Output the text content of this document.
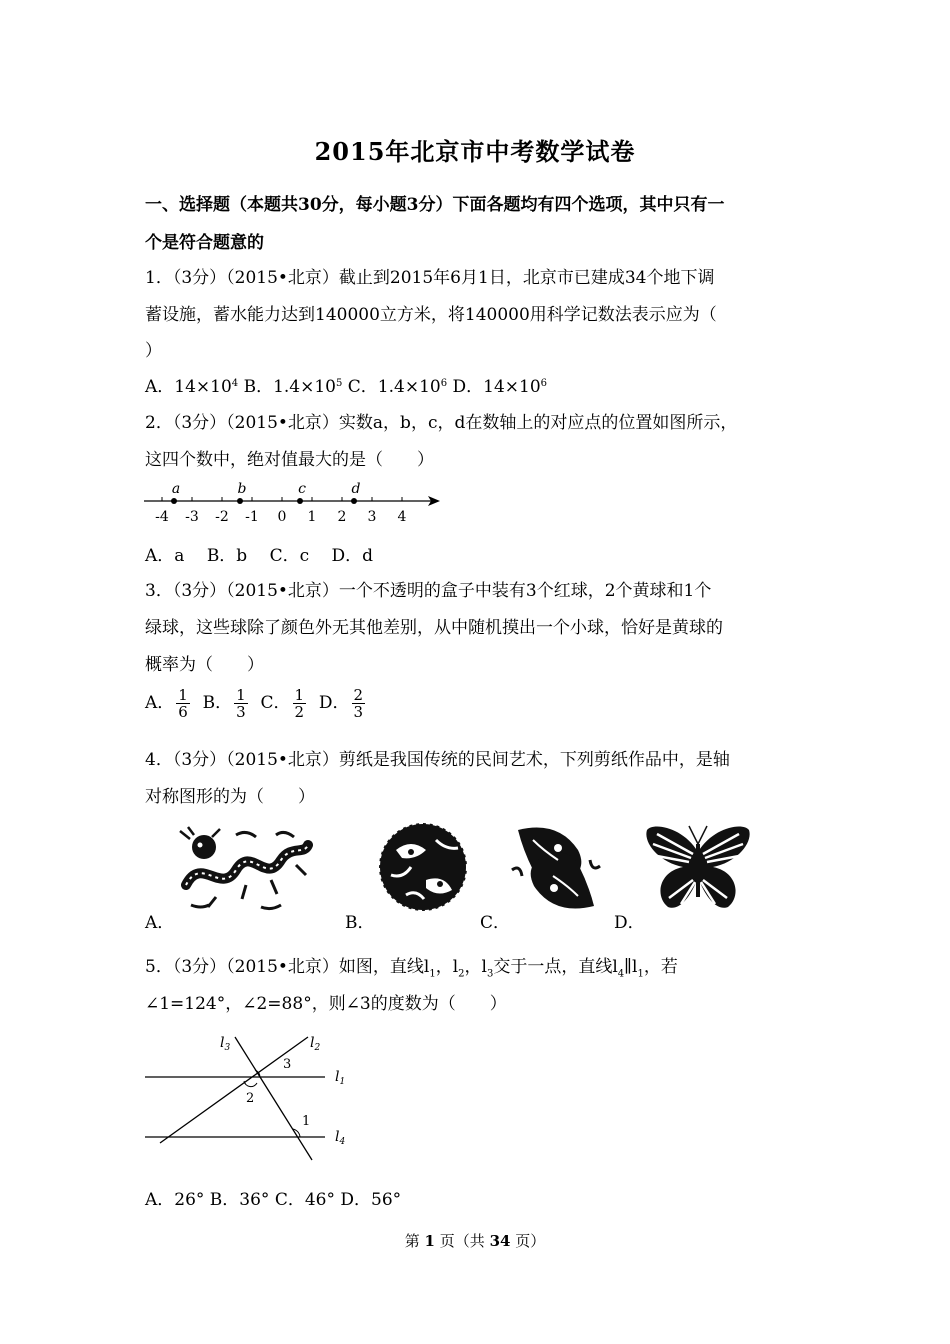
2015年北京市中考数学试卷
一、选择题（本题共30分，每小题3分）下面各题均有四个选项，其中只有一
个是符合题意的
1．（3分）（2015•北京）截止到2015年6月1日，北京市已建成34个地下调
蓄设施，蓄水能力达到140000立方米，将140000用科学记数法表示应为（
）
A．$14\times 10^4$ B．$1.4\times 10^5$ C．$1.4\times 10^6$ D．$14\times 10^6$
2．（3分）（2015•北京）实数a，b，c，d在数轴上的对应点的位置如图所示，
这四个数中，绝对值最大的是（　　）
-4 -3 -2 -1 0 1 2 3 4
a	b	c	d
A．a　 B．b　 C．c　 D．d
3．（3分）（2015•北京）一个不透明的盒子中装有3个红球，2个黄球和1个
绿球，这些球除了颜色外无其他差别，从中随机摸出一个小球，恰好是黄球的
概率为（　　）
A． $\frac{1}{6}$ B． $\frac{1}{3}$ C． $\frac{1}{2}$ D． $\frac{2}{3}$
4．（3分）（2015•北京）剪纸是我国传统的民间艺术，下列剪纸作品中，是轴
对称图形的为（　　）
A．	B．	C．	D．
5．（3分）（2015•北京）如图，直线$l_1$，$l_2$，$l_3$交于一点，直线$l_4\parallel l_1$，若
∠1=124°，∠2=88°，则∠3的度数为（　　）
$l_3$	$l_2$
$l_1$
$l_4$
3
2
1
A．26° B．36° C．46° D．56°
第 1 页（共 34 页）
